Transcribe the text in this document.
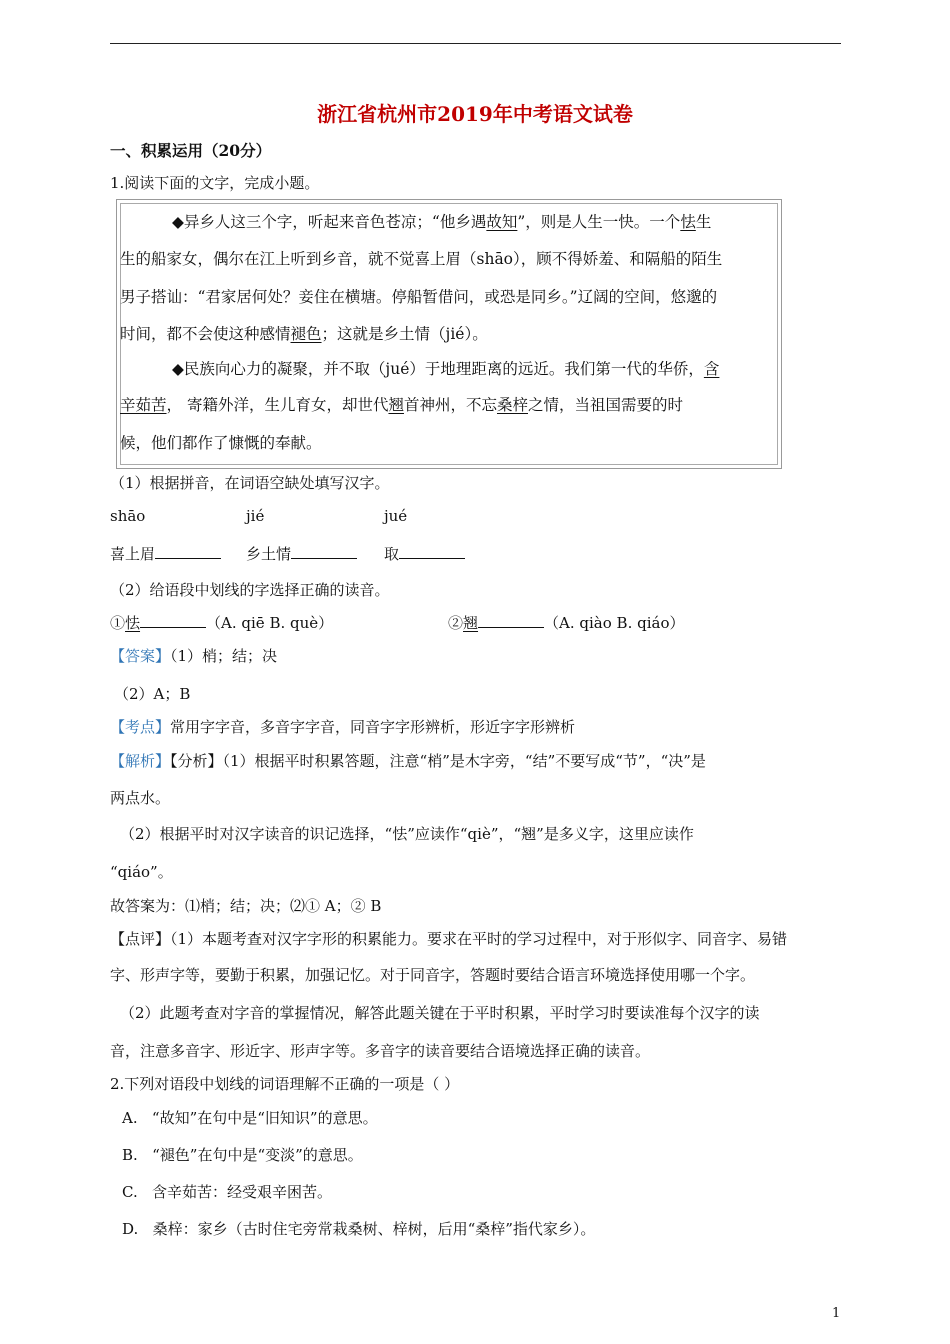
浙江省杭州市2019年中考语文试卷
一、积累运用（20分）
1.阅读下面的文字，完成小题。
◆异乡人这三个字，听起来音色苍凉；“他乡遇故知”，则是人生一快。一个怯生
生的船家女，偶尔在江上听到乡音，就不觉喜上眉（shāo），顾不得娇羞、和隔船的陌生
男子搭讪：“君家居何处？妾住在横塘。停船暂借问，或恐是同乡。”辽阔的空间，悠邈的
时间，都不会使这种感情褪色；这就是乡土情（jié）。
◆民族向心力的凝聚，并不取（jué）于地理距离的远近。我们第一代的华侨，含
辛茹苦， 寄籍外洋，生儿育女，却世代翘首神州，不忘桑梓之情，当祖国需要的时
候，他们都作了慷慨的奉献。
（1）根据拼音，在词语空缺处填写汉字。
shāo	jié	jué
喜上眉	乡土情	取
（2）给语段中划线的字选择正确的读音。
①怯	（A. qiē B. què）	②翘	（A. qiào B. qiáo）
【答案】（1）梢；结；决
（2）A；B
【考点】常用字字音，多音字字音，同音字字形辨析，形近字字形辨析
【解析】【分析】（1）根据平时积累答题，注意“梢”是木字旁，“结”不要写成“节”，“决”是
两点水。
（2）根据平时对汉字读音的识记选择，“怯”应读作“qiè”，“翘”是多义字，这里应读作
“qiáo”。
故答案为：⑴梢；结；决；⑵① A；② B
【点评】（1）本题考查对汉字字形的积累能力。要求在平时的学习过程中，对于形似字、同音字、易错
字、形声字等，要勤于积累，加强记忆。对于同音字，答题时要结合语言环境选择使用哪一个字。
（2）此题考查对字音的掌握情况，解答此题关键在于平时积累，平时学习时要读准每个汉字的读
音，注意多音字、形近字、形声字等。多音字的读音要结合语境选择正确的读音。
2.下列对语段中划线的词语理解不正确的一项是（ ）
A. “故知”在句中是“旧知识”的意思。
B. “褪色”在句中是“变淡”的意思。
C. 含辛茹苦：经受艰辛困苦。
D. 桑梓：家乡（古时住宅旁常栽桑树、梓树，后用“桑梓”指代家乡）。
1
